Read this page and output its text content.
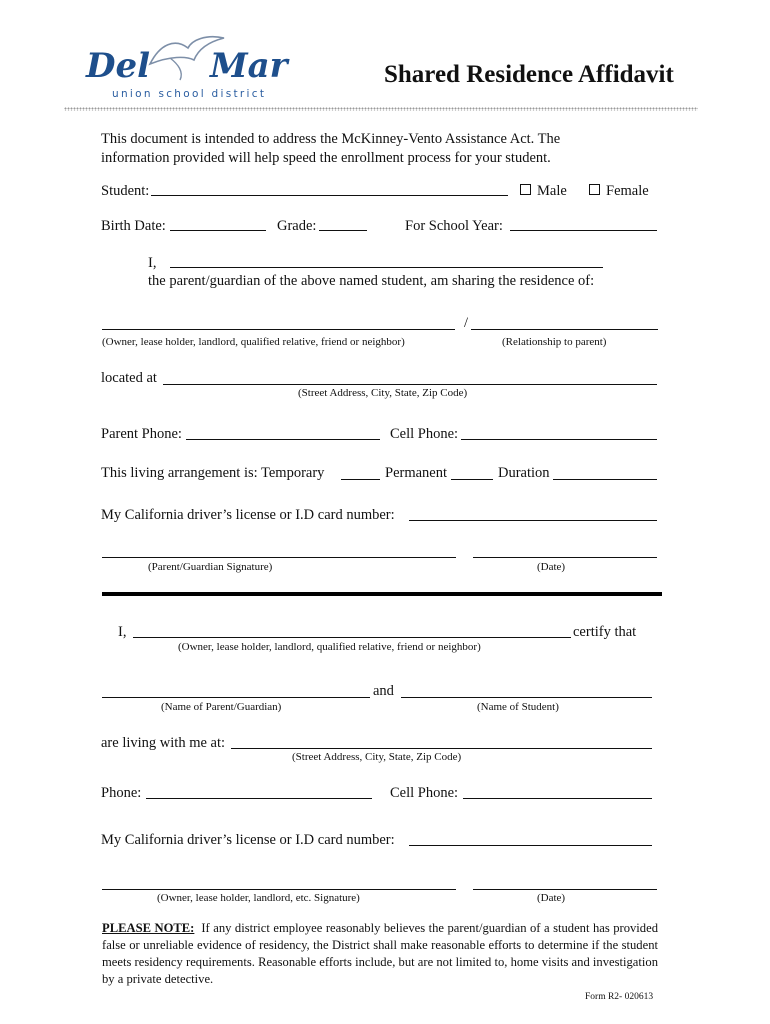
Del Mar
union school district
Shared Residence Affidavit
This document is intended to address the McKinney-Vento Assistance Act. The
information provided will help speed the enrollment process for your student.
Student:	Male	Female
Birth Date:	Grade:	For School Year:
I,
the parent/guardian of the above named student, am sharing the residence of:
/
(Owner, lease holder, landlord, qualified relative, friend or neighbor)	(Relationship to parent)
located at
(Street Address, City, State, Zip Code)
Parent Phone:	Cell Phone:
This living arrangement is: Temporary	Permanent	Duration
My California driver’s license or I.D card number:
(Parent/Guardian Signature)	(Date)
I,	certify that
(Owner, lease holder, landlord, qualified relative, friend or neighbor)
and
(Name of Parent/Guardian)	(Name of Student)
are living with me at:
(Street Address, City, State, Zip Code)
Phone:	Cell Phone:
My California driver’s license or I.D card number:
(Owner, lease holder, landlord, etc. Signature)	(Date)
PLEASE NOTE: If any district employee reasonably believes the parent/guardian of a student has provided false or unreliable evidence of residency, the District shall make reasonable efforts to determine if the student meets residency requirements. Reasonable efforts include, but are not limited to, home visits and investigation by a private detective.
Form R2- 020613
